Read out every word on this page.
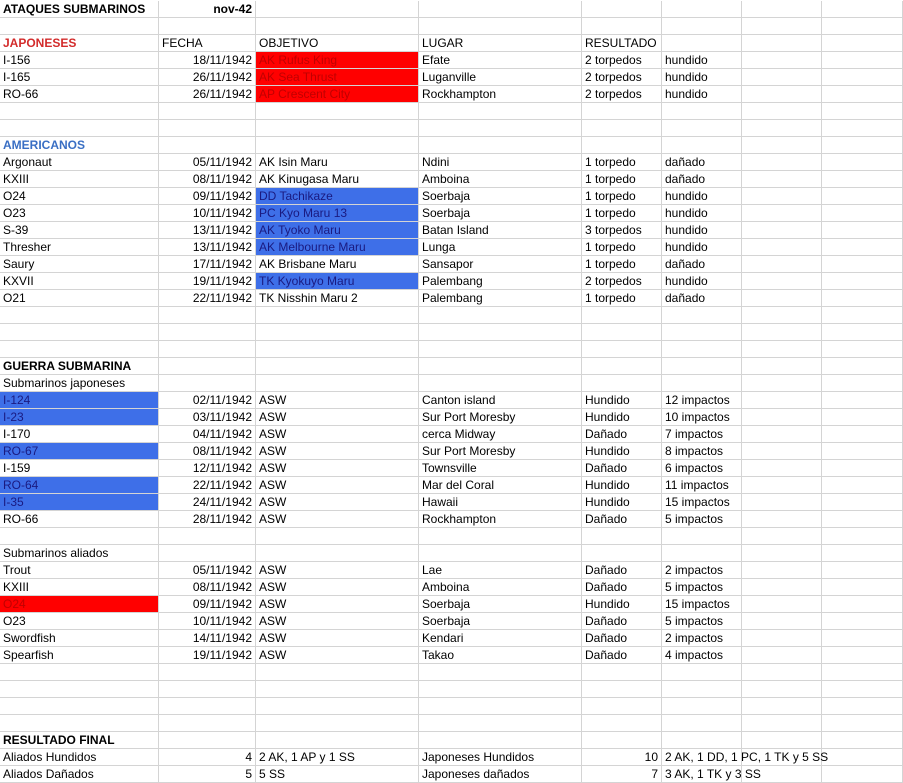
ATAQUES SUBMARINOS	nov-42
JAPONESES	FECHA	OBJETIVO	LUGAR	RESULTADO
I-156	18/11/1942 AK Rufus King	Efate	2 torpedos	hundido
I-165	26/11/1942 AK Sea Thrust	Luganville	2 torpedos	hundido
RO-66	26/11/1942 AP Crescent City	Rockhampton	2 torpedos	hundido
AMERICANOS
Argonaut	05/11/1942 AK Isin Maru	Ndini	1 torpedo	dañado
KXIII	08/11/1942 AK Kinugasa Maru	Amboina	1 torpedo	dañado
O24	09/11/1942 DD Tachikaze	Soerbaja	1 torpedo	hundido
O23	10/11/1942 PC Kyo Maru 13	Soerbaja	1 torpedo	hundido
S-39	13/11/1942 AK Tyoko Maru	Batan Island	3 torpedos	hundido
Thresher	13/11/1942 AK Melbourne Maru	Lunga	1 torpedo	hundido
Saury	17/11/1942 AK Brisbane Maru	Sansapor	1 torpedo	dañado
KXVII	19/11/1942 TK Kyokuyo Maru	Palembang	2 torpedos	hundido
O21	22/11/1942 TK Nisshin Maru 2	Palembang	1 torpedo	dañado
GUERRA SUBMARINA
Submarinos japoneses
I-124	02/11/1942 ASW	Canton island	Hundido	12 impactos
I-23	03/11/1942 ASW	Sur Port Moresby	Hundido	10 impactos
I-170	04/11/1942 ASW	cerca Midway	Dañado	7 impactos
RO-67	08/11/1942 ASW	Sur Port Moresby	Hundido	8 impactos
I-159	12/11/1942 ASW	Townsville	Dañado	6 impactos
RO-64	22/11/1942 ASW	Mar del Coral	Hundido	11 impactos
I-35	24/11/1942 ASW	Hawaii	Hundido	15 impactos
RO-66	28/11/1942 ASW	Rockhampton	Dañado	5 impactos
Submarinos aliados
Trout	05/11/1942 ASW	Lae	Dañado	2 impactos
KXIII	08/11/1942 ASW	Amboina	Dañado	5 impactos
O24	09/11/1942 ASW	Soerbaja	Hundido	15 impactos
O23	10/11/1942 ASW	Soerbaja	Dañado	5 impactos
Swordfish	14/11/1942 ASW	Kendari	Dañado	2 impactos
Spearfish	19/11/1942 ASW	Takao	Dañado	4 impactos
RESULTADO FINAL
Aliados Hundidos	4 2 AK, 1 AP y 1 SS	Japoneses Hundidos	10 2 AK, 1 DD, 1 PC, 1 TK y 5 SS
Aliados Dañados	5 5 SS	Japoneses dañados	7 3 AK, 1 TK y 3 SS
